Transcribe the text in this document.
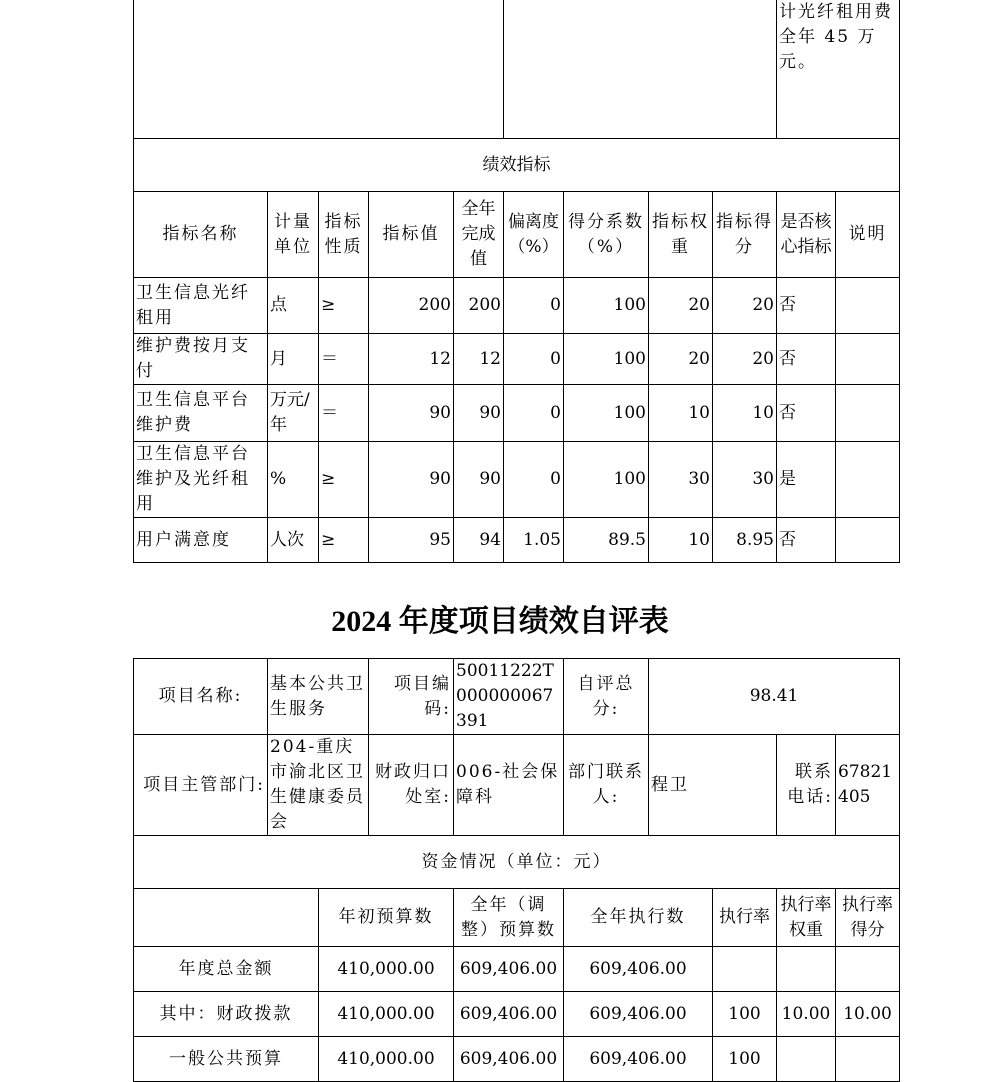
									计光纤租用费全年 45 万元。	
绩效指标										
指标名称	计量单位	指标性质	指标值	全年完成值	偏离度（%）	得分系数（%）	指标权重	指标得分	是否核心指标	说明
卫生信息光纤租用	点	≥	200	200	0	100	20	20	否	
维护费按月支付	月	＝	12	12	0	100	20	20	否	
卫生信息平台维护费	万元/年	＝	90	90	0	100	10	10	否	
卫生信息平台维护及光纤租用	%	≥	90	90	0	100	30	30	是	
用户满意度	人次	≥	95	94	1.05	89.5	10	8.95	否	
2024 年度项目绩效自评表
项目名称:	基本公共卫生服务		项目编码:	50011222T000000067391	自评总分:	98.41			
项目主管部门:	204-重庆市渝北区卫生健康委员会		财政归口处室:	006-社会保障科	部门联系人:	程卫		联系电话:	67821405
资金情况（单位：元）									
		年初预算数		全年（调整）预算数	全年执行数		执行率	执行率权重	执行率得分
年度总金额		410,000.00		609,406.00	609,406.00				
其中：财政拨款		410,000.00		609,406.00	609,406.00		100	10.00	10.00
一般公共预算		410,000.00		609,406.00	609,406.00		100		
